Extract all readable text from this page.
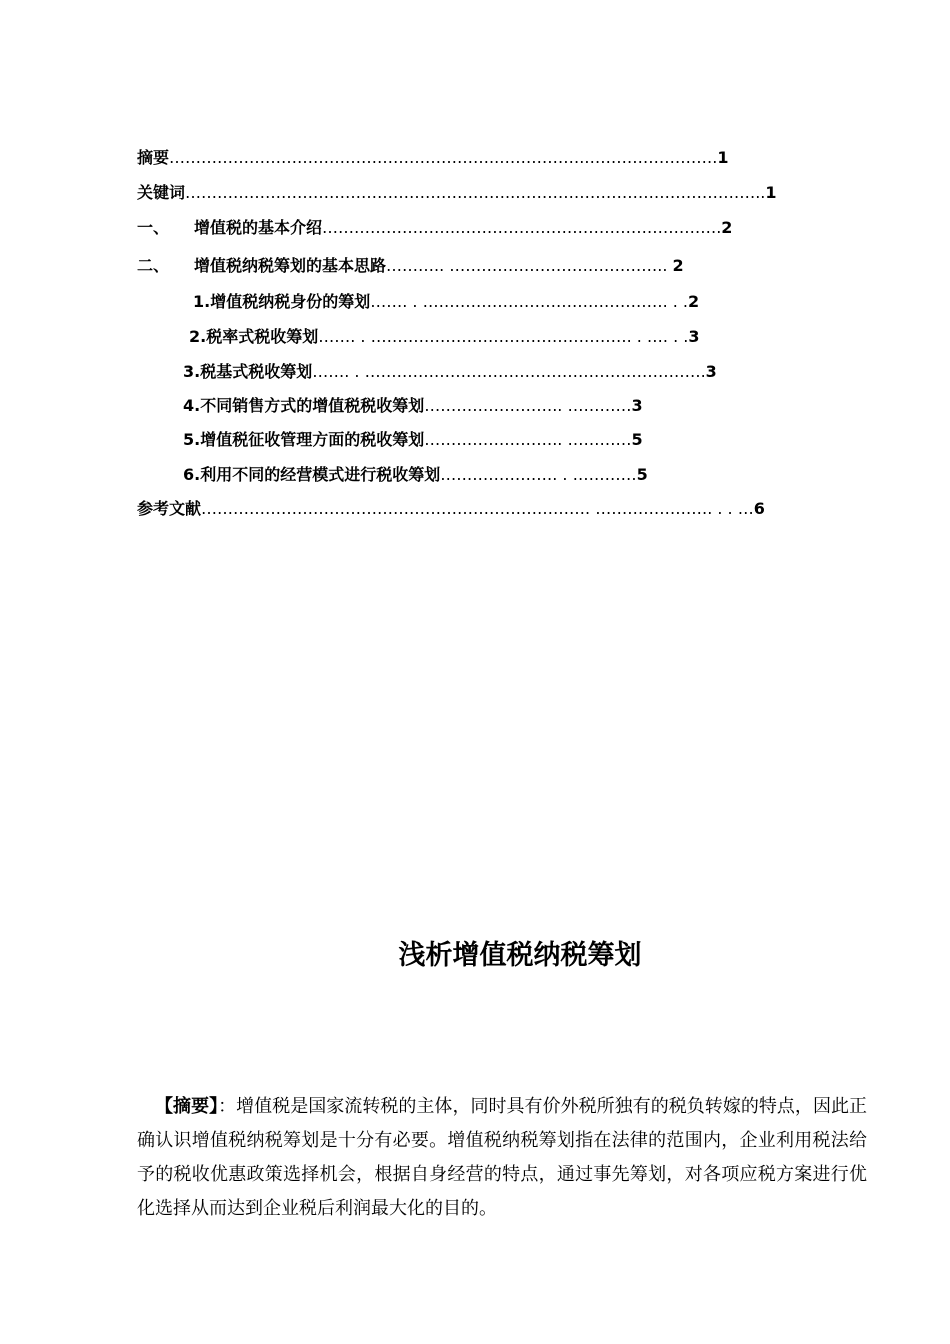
摘要……………………………………………………..…………….…………………….1
关键词……………………………………………………..………………………………………..1
一、 增值税的基本介绍……………………..………………………………………….2
二、 增值税纳税筹划的基本思路……….. ………………………………….. 2
1.增值税纳税身份的筹划……. . ………………………………………. . .2
2.税率式税收筹划……. . …………………………………………. . …. . .3
3.税基式税收筹划……. . ……………………………………………………….3
4.不同销售方式的增值税税收筹划…………………….. …………3
5.增值税征收管理方面的税收筹划…………………….. …………5
6.利用不同的经营模式进行税收筹划…………………. . …………5
参考文献………………………………………………………………. …………………. . . …6
浅析增值税纳税筹划
【摘要】：增值税是国家流转税的主体，同时具有价外税所独有的税负转嫁的特点，因此正确认识增值税纳税筹划是十分有必要。增值税纳税筹划指在法律的范围内，企业利用税法给予的税收优惠政策选择机会，根据自身经营的特点，通过事先筹划，对各项应税方案进行优化选择从而达到企业税后利润最大化的目的。
